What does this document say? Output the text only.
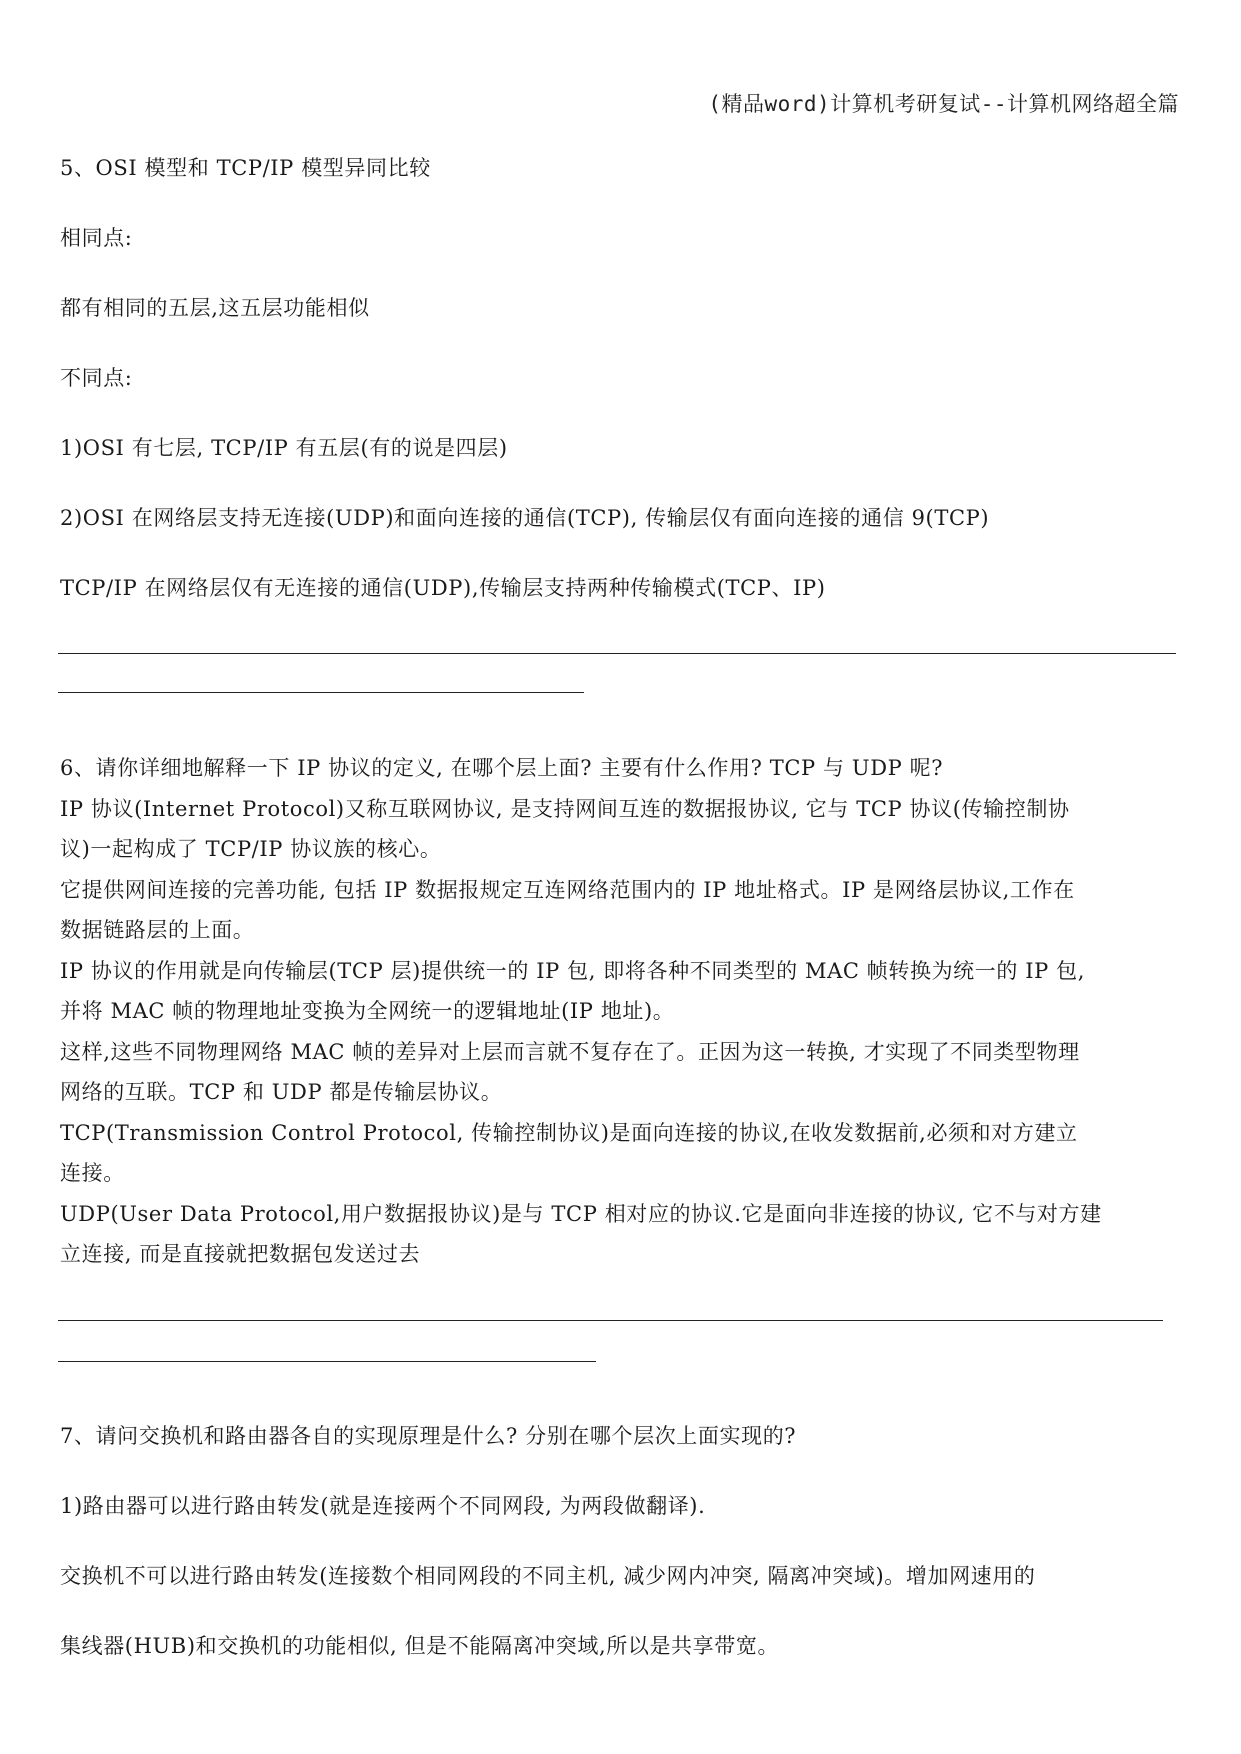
(精品word)计算机考研复试--计算机网络超全篇
5、OSI 模型和 TCP/IP 模型异同比较
相同点:
都有相同的五层,这五层功能相似
不同点:
1)OSI 有七层, TCP/IP 有五层(有的说是四层)
2)OSI 在网络层支持无连接(UDP)和面向连接的通信(TCP), 传输层仅有面向连接的通信 9(TCP)
TCP/IP 在网络层仅有无连接的通信(UDP),传输层支持两种传输模式(TCP、IP)
6、请你详细地解释一下 IP 协议的定义, 在哪个层上面? 主要有什么作用? TCP 与 UDP 呢?
IP 协议(Internet Protocol)又称互联网协议, 是支持网间互连的数据报协议, 它与 TCP 协议(传输控制协
议)一起构成了 TCP/IP 协议族的核心。
它提供网间连接的完善功能, 包括 IP 数据报规定互连网络范围内的 IP 地址格式。IP 是网络层协议,工作在
数据链路层的上面。
IP 协议的作用就是向传输层(TCP 层)提供统一的 IP 包, 即将各种不同类型的 MAC 帧转换为统一的 IP 包,
并将 MAC 帧的物理地址变换为全网统一的逻辑地址(IP 地址)。
这样,这些不同物理网络 MAC 帧的差异对上层而言就不复存在了。正因为这一转换, 才实现了不同类型物理
网络的互联。TCP 和 UDP 都是传输层协议。
TCP(Transmission Control Protocol, 传输控制协议)是面向连接的协议,在收发数据前,必须和对方建立
连接。
UDP(User Data Protocol,用户数据报协议)是与 TCP 相对应的协议.它是面向非连接的协议, 它不与对方建
立连接, 而是直接就把数据包发送过去
7、请问交换机和路由器各自的实现原理是什么? 分别在哪个层次上面实现的?
1)路由器可以进行路由转发(就是连接两个不同网段, 为两段做翻译).
交换机不可以进行路由转发(连接数个相同网段的不同主机, 减少网内冲突, 隔离冲突域)。增加网速用的
集线器(HUB)和交换机的功能相似, 但是不能隔离冲突域,所以是共享带宽。
